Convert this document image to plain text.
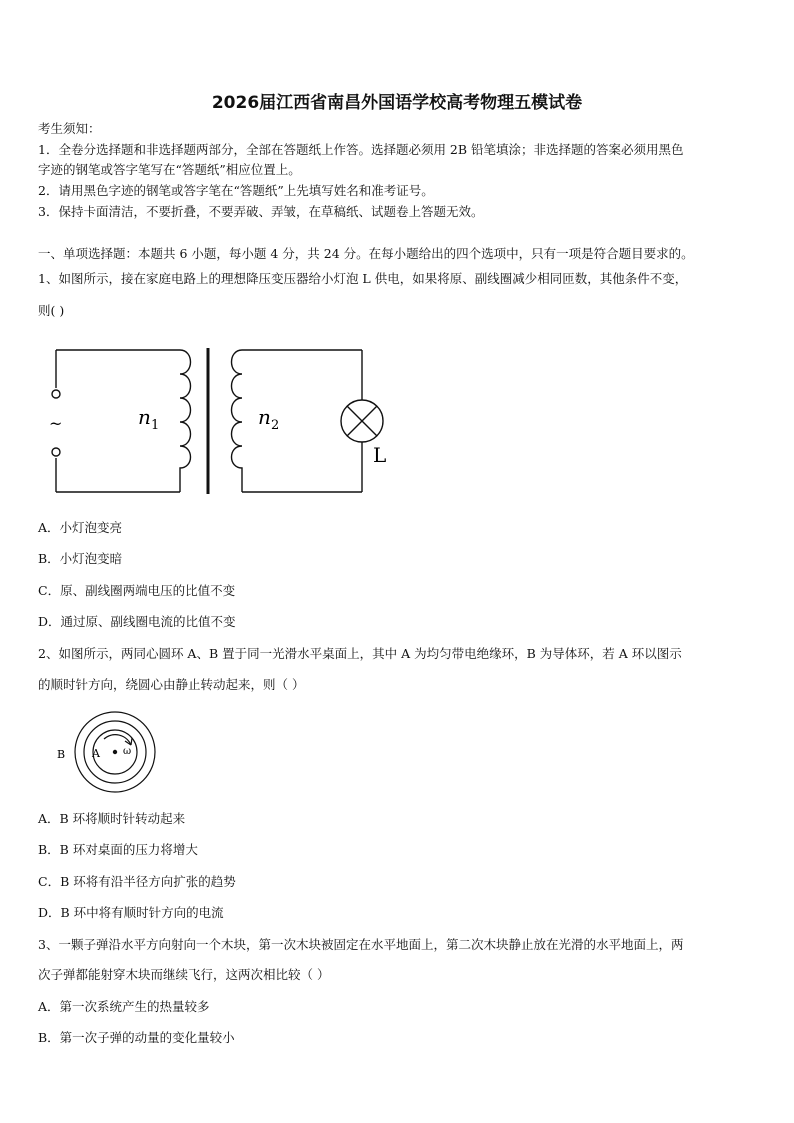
2026届江西省南昌外国语学校高考物理五模试卷
考生须知：
1．全卷分选择题和非选择题两部分，全部在答题纸上作答。选择题必须用 2B 铅笔填涂；非选择题的答案必须用黑色
字迹的钢笔或答字笔写在“答题纸”相应位置上。
2．请用黑色字迹的钢笔或答字笔在“答题纸”上先填写姓名和准考证号。
3．保持卡面清洁，不要折叠，不要弄破、弄皱，在草稿纸、试题卷上答题无效。
一、单项选择题：本题共 6 小题，每小题 4 分，共 24 分。在每小题给出的四个选项中，只有一项是符合题目要求的。
1、如图所示，接在家庭电路上的理想降压变压器给小灯泡 L 供电，如果将原、副线圈减少相同匝数，其他条件不变，
则( )
~	n 1	n 2
L
A．小灯泡变亮
B．小灯泡变暗
C．原、副线圈两端电压的比值不变
D．通过原、副线圈电流的比值不变
2、如图所示，两同心圆环 A、B 置于同一光滑水平桌面上，其中 A 为均匀带电绝缘环，B 为导体环，若 A 环以图示
的顺时针方向，绕圆心由静止转动起来，则（ ）
B A ω
A．B 环将顺时针转动起来
B．B 环对桌面的压力将增大
C．B 环将有沿半径方向扩张的趋势
D．B 环中将有顺时针方向的电流
3、一颗子弹沿水平方向射向一个木块，第一次木块被固定在水平地面上，第二次木块静止放在光滑的水平地面上，两
次子弹都能射穿木块而继续飞行，这两次相比较（ ）
A．第一次系统产生的热量较多
B．第一次子弹的动量的变化量较小
